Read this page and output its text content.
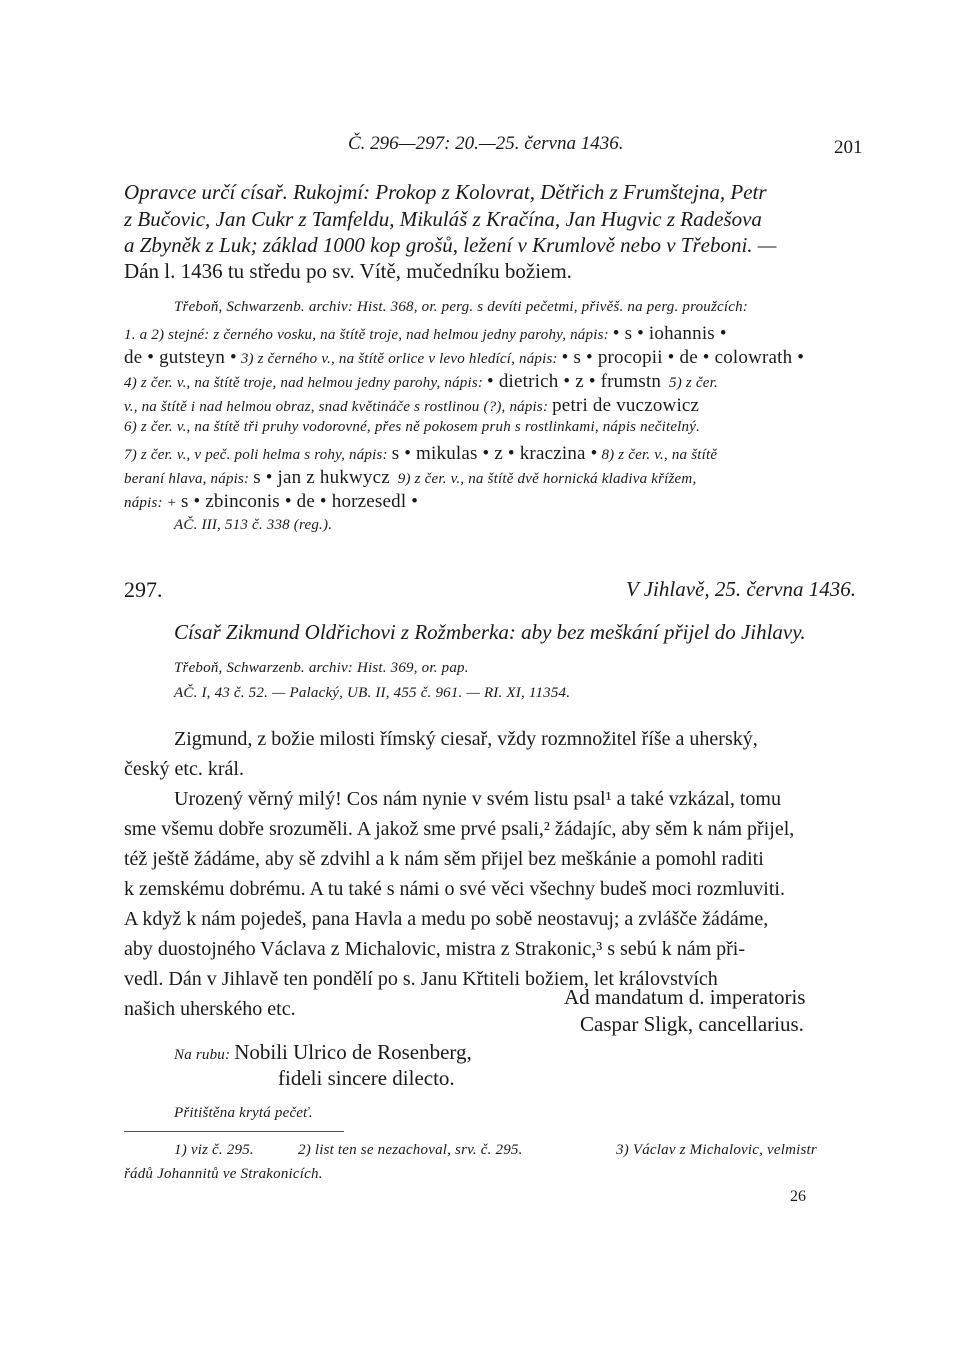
Č. 296—297: 20.—25. června 1436.	201
Opravce určí císař. Rukojmí: Prokop z Kolovrat, Dětřich z Frumštejna, Petr
z Bučovic, Jan Cukr z Tamfeldu, Mikuláš z Kračína, Jan Hugvic z Radešova
a Zbyněk z Luk; základ 1000 kop grošů, ležení v Krumlově nebo v Třeboni. —
Dán l. 1436 tu středu po sv. Vítě, mučedníku božiem.
Třeboň, Schwarzenb. archiv: Hist. 368, or. perg. s devíti pečetmi, přivěš. na perg. proužcích:
1. a 2) stejné: z černého vosku, na štítě troje, nad helmou jedny parohy, nápis: • s • iohannis •
de • gutsteyn • 3) z černého v., na štítě orlice v levo hledící, nápis: • s • procopii • de • colowrath •
4) z čer. v., na štítě troje, nad helmou jedny parohy, nápis: • dietrich • z • frumstn 5) z čer.
v., na štítě i nad helmou obraz, snad květináče s rostlinou (?), nápis: petri de vuczowicz
6) z čer. v., na štítě tři pruhy vodorovné, přes ně pokosem pruh s rostlinkami, nápis nečitelný.
7) z čer. v., v peč. poli helma s rohy, nápis: s • mikulas • z • kraczina • 8) z čer. v., na štítě
beraní hlava, nápis: s • jan z hukwycz 9) z čer. v., na štítě dvě hornická kladiva křížem,
nápis: + s • zbinconis • de • horzesedl •
AČ. III, 513 č. 338 (reg.).
297.	V Jihlavě, 25. června 1436.
Císař Zikmund Oldřichovi z Rožmberka: aby bez meškání přijel do Jihlavy.
Třeboň, Schwarzenb. archiv: Hist. 369, or. pap.
AČ. I, 43 č. 52. — Palacký, UB. II, 455 č. 961. — RI. XI, 11354.
Zigmund, z božie milosti římský ciesař, vždy rozmnožitel říše a uherský,
český etc. král.
Urozený věrný milý! Cos nám nynie v svém listu psal¹ a také vzkázal, tomu
sme všemu dobře srozuměli. A jakož sme prvé psali,² žádajíc, aby sěm k nám přijel,
též ještě žádáme, aby sě zdvihl a k nám sěm přijel bez meškánie a pomohl raditi
k zemskému dobrému. A tu také s námi o své věci všechny budeš moci rozmluviti.
A když k nám pojedeš, pana Havla a medu po sobě neostavuj; a zvlášče žádáme,
aby duostojného Václava z Michalovic, mistra z Strakonic,³ s sebú k nám při-
vedl. Dán v Jihlavě ten pondělí po s. Janu Křtiteli božiem, let královstvích
našich uherského etc.	Ad mandatum d. imperatoris
Caspar Sligk, cancellarius.
Na rubu: Nobili Ulrico de Rosenberg,
fideli sincere dilecto.
Přitištěna krytá pečeť.
1) viz č. 295.	2) list ten se nezachoval, srv. č. 295.	3) Václav z Michalovic, velmistr
řádů Johannitů ve Strakonicích.
26
